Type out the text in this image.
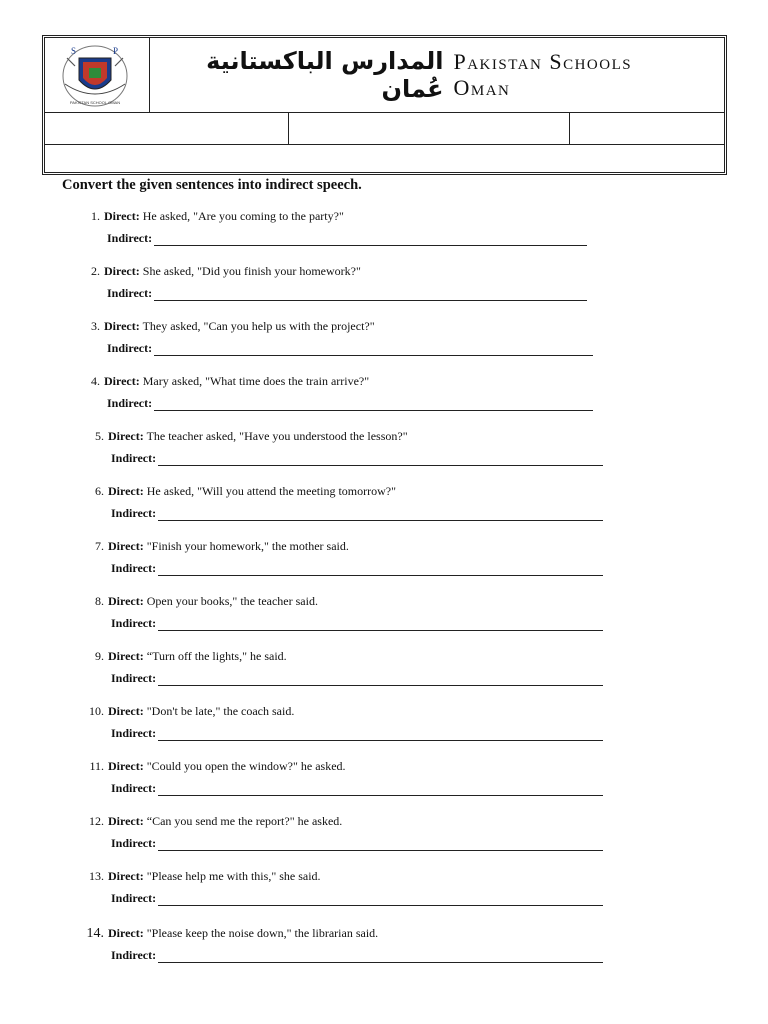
S	P
PAKISTAN SCHOOL OMAN
المدارس الباكستانية عُمان
Pakistan Schools Oman
Convert the given sentences into indirect speech.
1. Direct: He asked, "Are you coming to the party?"
Indirect:
2. Direct: She asked, "Did you finish your homework?"
Indirect:
3. Direct: They asked, "Can you help us with the project?"
Indirect:
4. Direct: Mary asked, "What time does the train arrive?"
Indirect:
5. Direct: The teacher asked, "Have you understood the lesson?"
Indirect:
6. Direct: He asked, "Will you attend the meeting tomorrow?"
Indirect:
7. Direct: "Finish your homework," the mother said.
Indirect:
8. Direct: Open your books," the teacher said.
Indirect:
9. Direct: “Turn off the lights," he said.
Indirect:
10. Direct: "Don't be late," the coach said.
Indirect:
11. Direct: "Could you open the window?" he asked.
Indirect:
12. Direct: “Can you send me the report?" he asked.
Indirect:
13. Direct: "Please help me with this," she said.
Indirect:
14. Direct: "Please keep the noise down," the librarian said.
Indirect:
